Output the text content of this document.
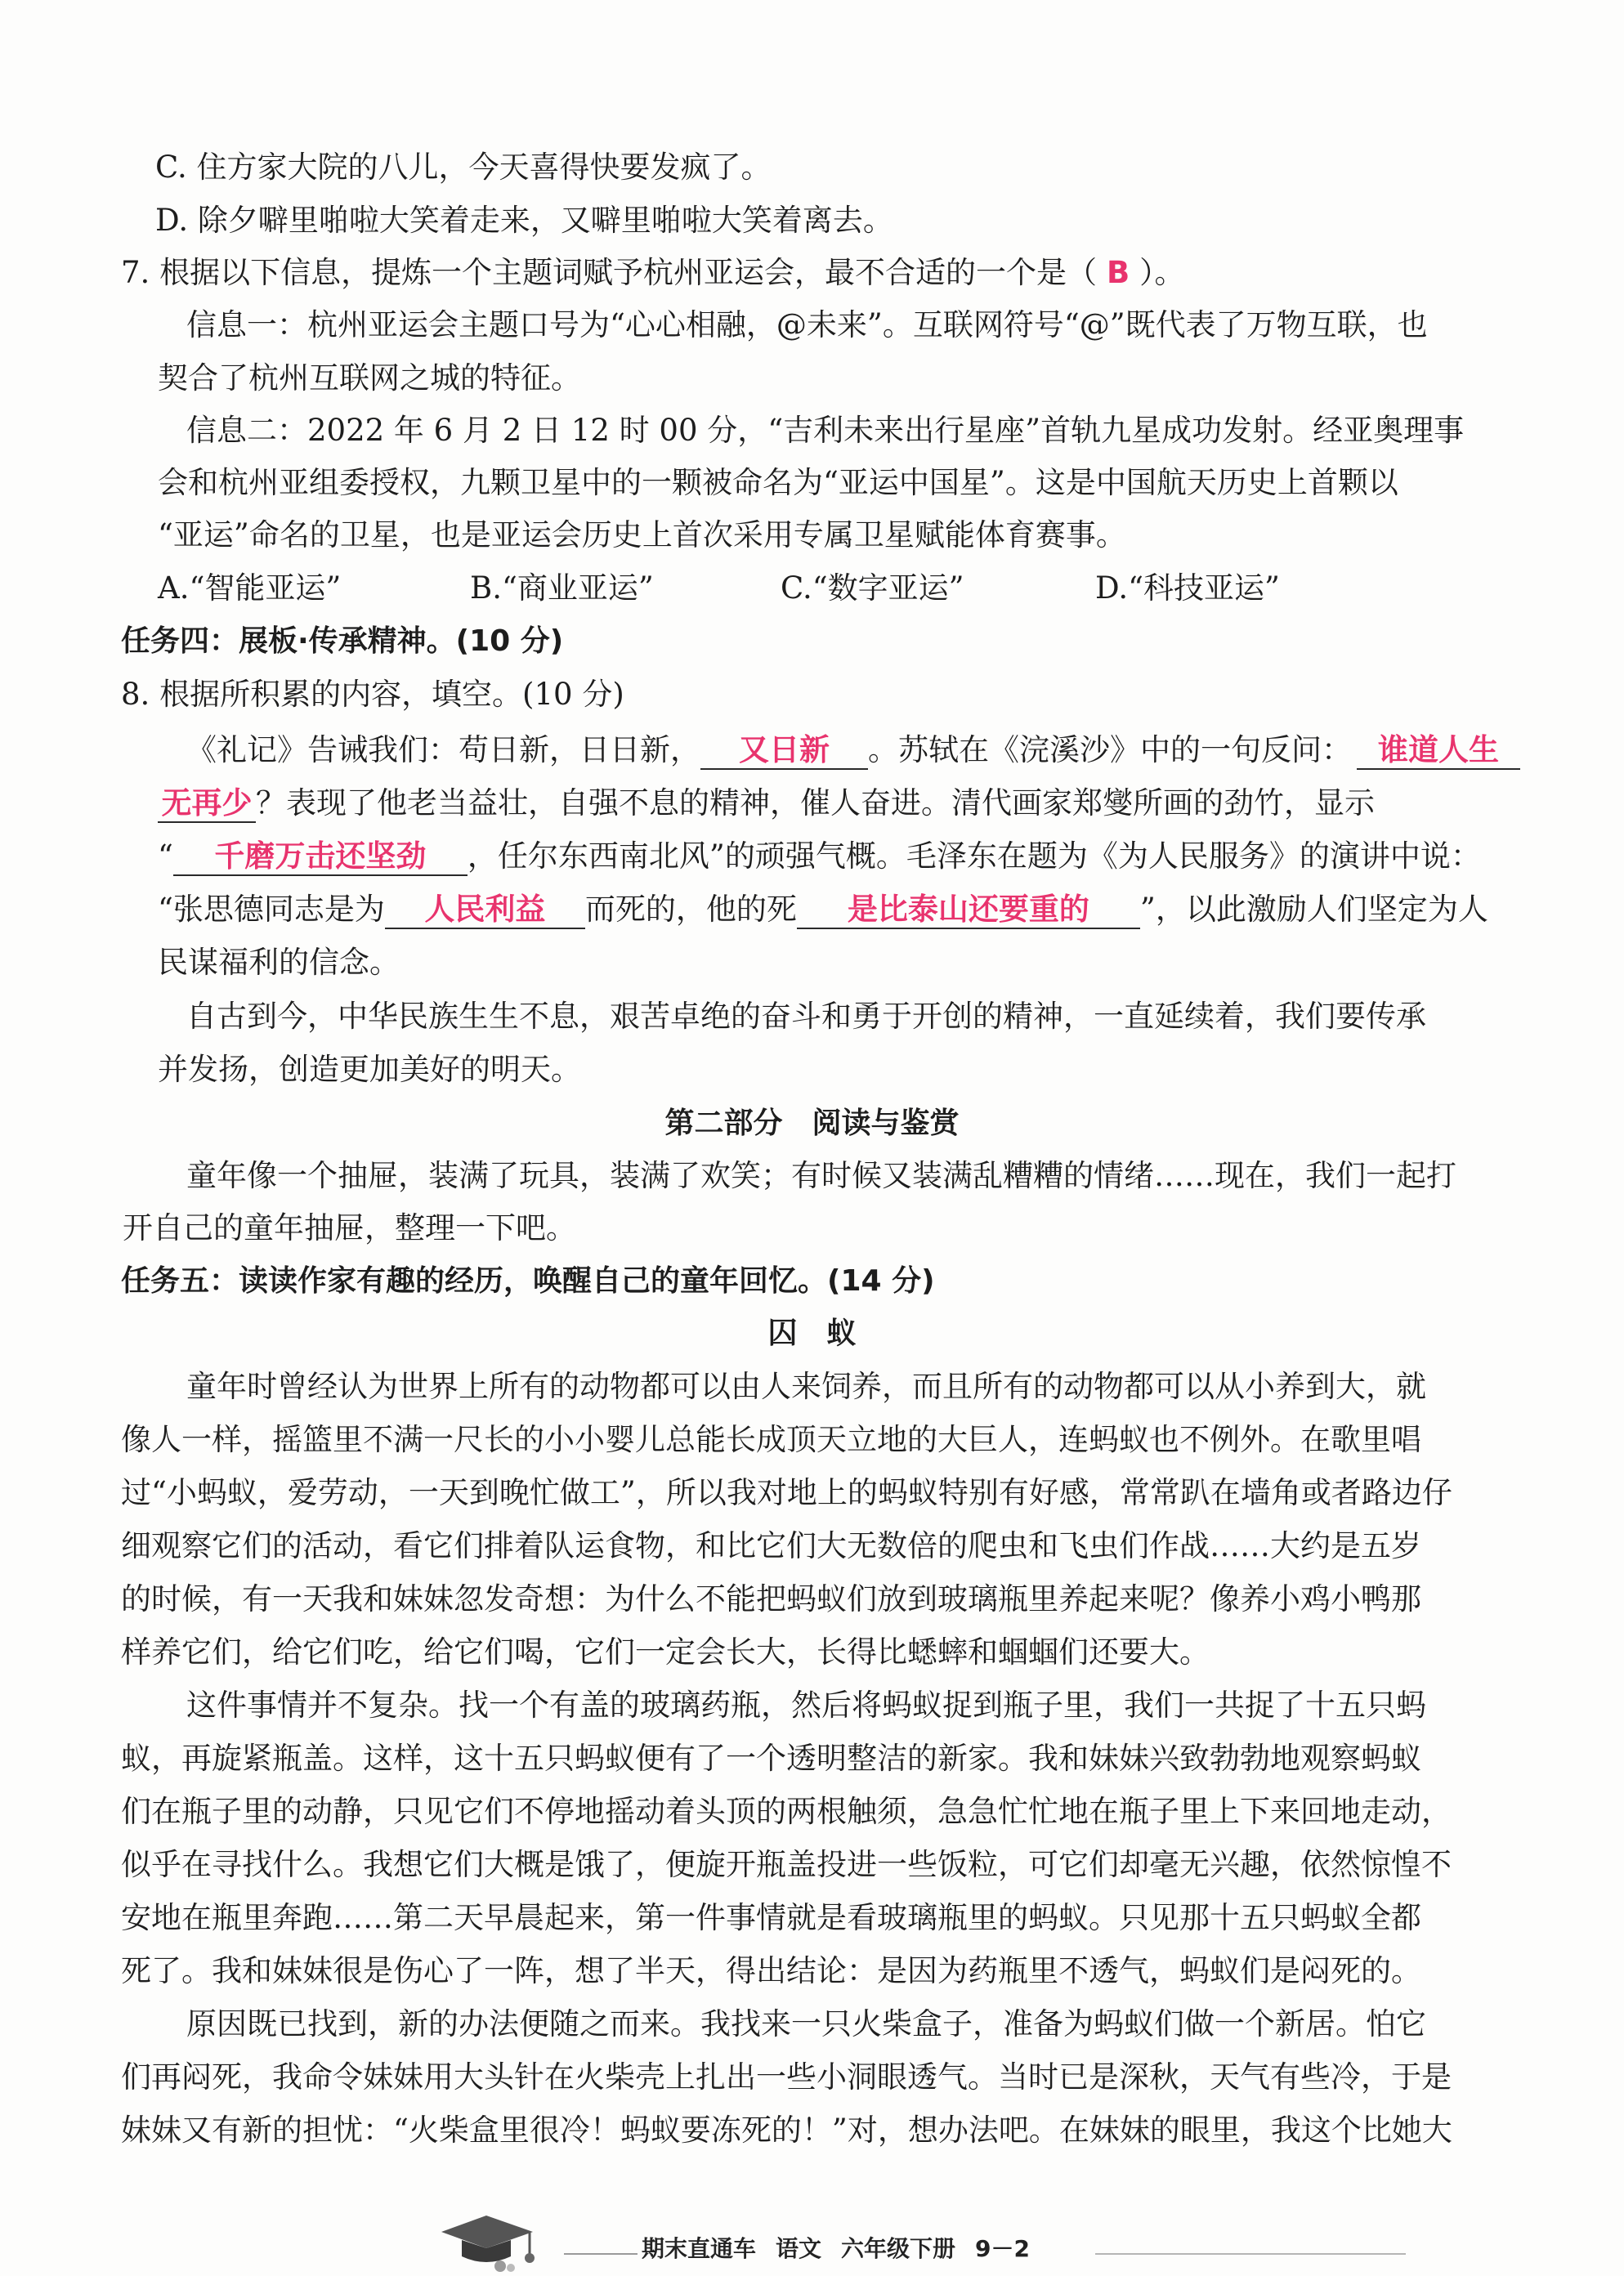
C. 住方家大院的八儿，今天喜得快要发疯了。
D. 除夕噼里啪啦大笑着走来，又噼里啪啦大笑着离去。
7. 根据以下信息，提炼一个主题词赋予杭州亚运会，最不合适的一个是（ B ）。
信息一：杭州亚运会主题口号为“心心相融，@未来”。互联网符号“@”既代表了万物互联，也
契合了杭州互联网之城的特征。
信息二：2022 年 6 月 2 日 12 时 00 分，“吉利未来出行星座”首轨九星成功发射。经亚奥理事
会和杭州亚组委授权，九颗卫星中的一颗被命名为“亚运中国星”。这是中国航天历史上首颗以
“亚运”命名的卫星，也是亚运会历史上首次采用专属卫星赋能体育赛事。
A.“智能亚运”	B.“商业亚运”	C.“数字亚运”	D.“科技亚运”
任务四：展板·传承精神。(10 分)
8. 根据所积累的内容，填空。(10 分)
《礼记》告诫我们：苟日新，日日新， 又日新 。苏轼在《浣溪沙》中的一句反问： 谁道人生
无再少 ？表现了他老当益壮，自强不息的精神，催人奋进。清代画家郑燮所画的劲竹，显示
“ 千磨万击还坚劲 ，任尔东西南北风”的顽强气概。毛泽东在题为《为人民服务》的演讲中说：
“张思德同志是为 人民利益 而死的，他的死 是比泰山还要重的 ”，以此激励人们坚定为人
民谋福利的信念。
自古到今，中华民族生生不息，艰苦卓绝的奋斗和勇于开创的精神，一直延续着，我们要传承
并发扬，创造更加美好的明天。
第二部分　阅读与鉴赏
童年像一个抽屉，装满了玩具，装满了欢笑；有时候又装满乱糟糟的情绪……现在，我们一起打
开自己的童年抽屉，整理一下吧。
任务五：读读作家有趣的经历，唤醒自己的童年回忆。(14 分)
囚　蚁
童年时曾经认为世界上所有的动物都可以由人来饲养，而且所有的动物都可以从小养到大，就
像人一样，摇篮里不满一尺长的小小婴儿总能长成顶天立地的大巨人，连蚂蚁也不例外。在歌里唱
过“小蚂蚁，爱劳动，一天到晚忙做工”，所以我对地上的蚂蚁特别有好感，常常趴在墙角或者路边仔
细观察它们的活动，看它们排着队运食物，和比它们大无数倍的爬虫和飞虫们作战……大约是五岁
的时候，有一天我和妹妹忽发奇想：为什么不能把蚂蚁们放到玻璃瓶里养起来呢？像养小鸡小鸭那
样养它们，给它们吃，给它们喝，它们一定会长大，长得比蟋蟀和蝈蝈们还要大。
这件事情并不复杂。找一个有盖的玻璃药瓶，然后将蚂蚁捉到瓶子里，我们一共捉了十五只蚂
蚁，再旋紧瓶盖。这样，这十五只蚂蚁便有了一个透明整洁的新家。我和妹妹兴致勃勃地观察蚂蚁
们在瓶子里的动静，只见它们不停地摇动着头顶的两根触须，急急忙忙地在瓶子里上下来回地走动，
似乎在寻找什么。我想它们大概是饿了，便旋开瓶盖投进一些饭粒，可它们却毫无兴趣，依然惊惶不
安地在瓶里奔跑……第二天早晨起来，第一件事情就是看玻璃瓶里的蚂蚁。只见那十五只蚂蚁全都
死了。我和妹妹很是伤心了一阵，想了半天，得出结论：是因为药瓶里不透气，蚂蚁们是闷死的。
原因既已找到，新的办法便随之而来。我找来一只火柴盒子，准备为蚂蚁们做一个新居。怕它
们再闷死，我命令妹妹用大头针在火柴壳上扎出一些小洞眼透气。当时已是深秋，天气有些冷，于是
妹妹又有新的担忧：“火柴盒里很冷！蚂蚁要冻死的！”对，想办法吧。在妹妹的眼里，我这个比她大
期末直通车 语文 六年级下册 9－2
